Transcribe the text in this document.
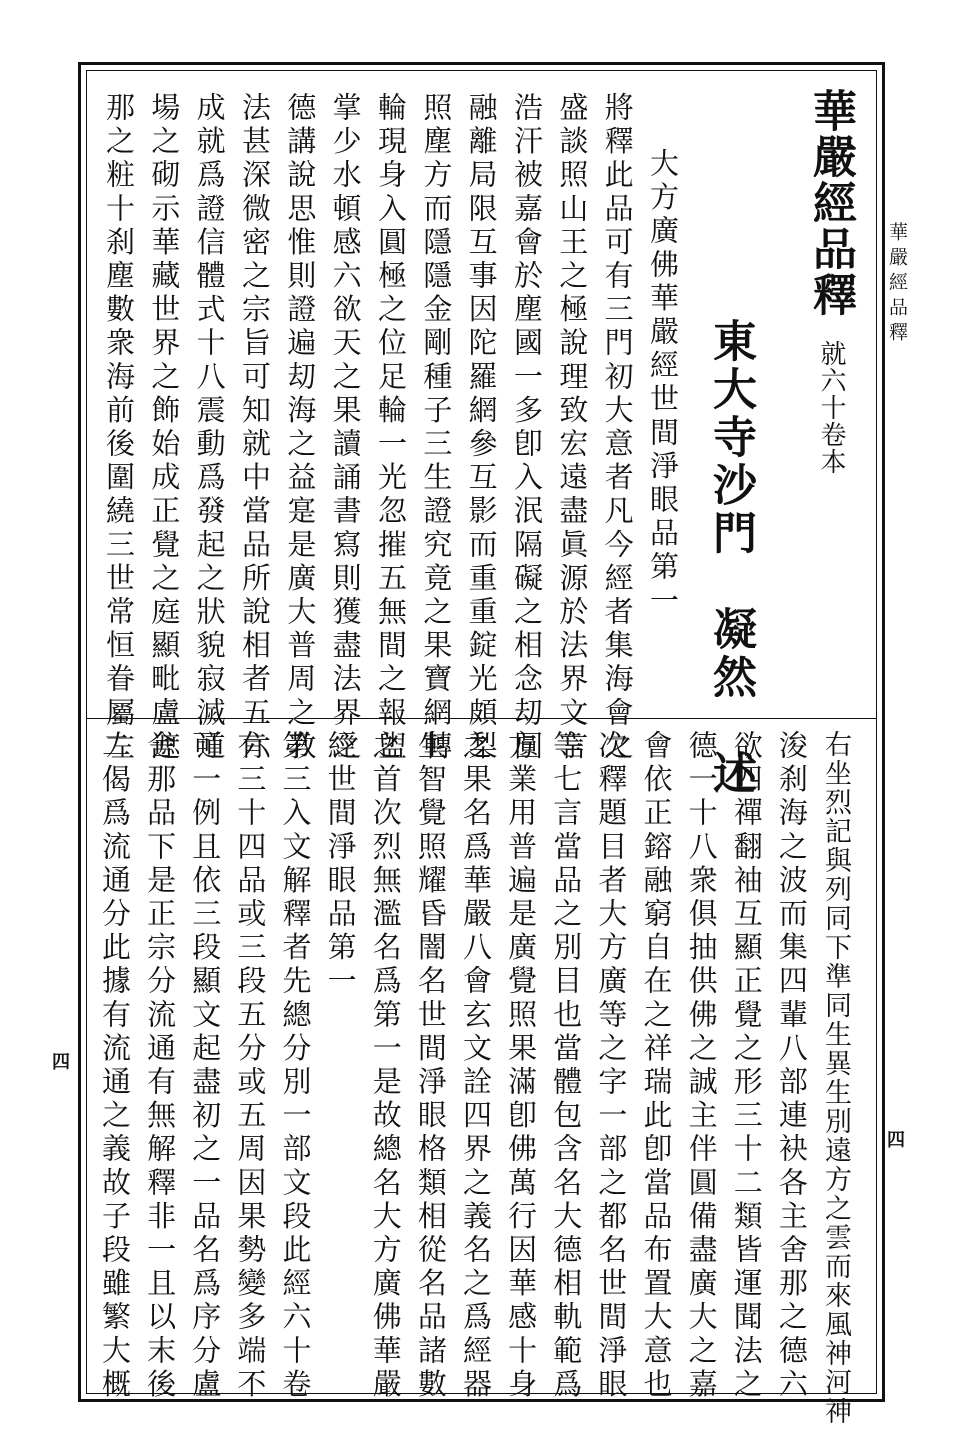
華嚴經品釋
四
四
華嚴經品釋
就六十卷本
東大寺沙門　凝然　述
大方廣佛華嚴經世間淨眼品第一
將釋此品可有三門初大意者凡今經者集海會之
盛談照山王之極說理致宏遠盡眞源於法界文言
浩汗被嘉會於塵國一多卽入泯隔礙之相念刧圓
融離局限互事因陀羅網參互影而重重錠光頗梨
照塵方而隱隱金剛種子三生證究竟之果寶網轉
輪現身入圓極之位足輪一光忽摧五無間之報盥
掌少水頓感六欲天之果讀誦書寫則獲盡法界之
德講說思惟則證遍刧海之益寔是廣大普周之教
法甚深微密之宗旨可知就中當品所說相者五六
成就爲證信體式十八震動爲發起之狀貌寂滅道
場之砌示華藏世界之飾始成正覺之庭顯毗盧遮
那之粧十刹塵數衆海前後圍繞三世常恒眷屬左
右坐烈記與列同下準同生異生別遠方之雲而來風神河神
浚刹海之波而集四輩八部連袂各主舍那之德六
欲四禪翻袖互顯正覺之形三十二類皆運聞法之
德一十八衆俱抽供佛之誠主伴圓備盡廣大之嘉
會依正鎔融窮自在之祥瑞此卽當品布置大意也
次釋題目者大方廣等之字一部之都名世間淨眼
等七言當品之別目也當體包含名大德相軌範爲
方業用普遍是廣覺照果滿卽佛萬行因華感十身
之果名爲華嚴八會玄文詮四界之義名之爲經器
生智覺照耀昏闇名世間淨眼格類相從名品諸數
之首次烈無濫名爲第一是故總名大方廣佛華嚴
經世間淨眼品第一
第三入文解釋者先總分別一部文段此經六十卷
有三十四品或三段五分或五周因果勢變多端不
可一例且依三段顯文起盡初之一品名爲序分盧
舍那品下是正宗分流通有無解釋非一且以末後
二偈爲流通分此據有流通之義故子段雖繁大概
